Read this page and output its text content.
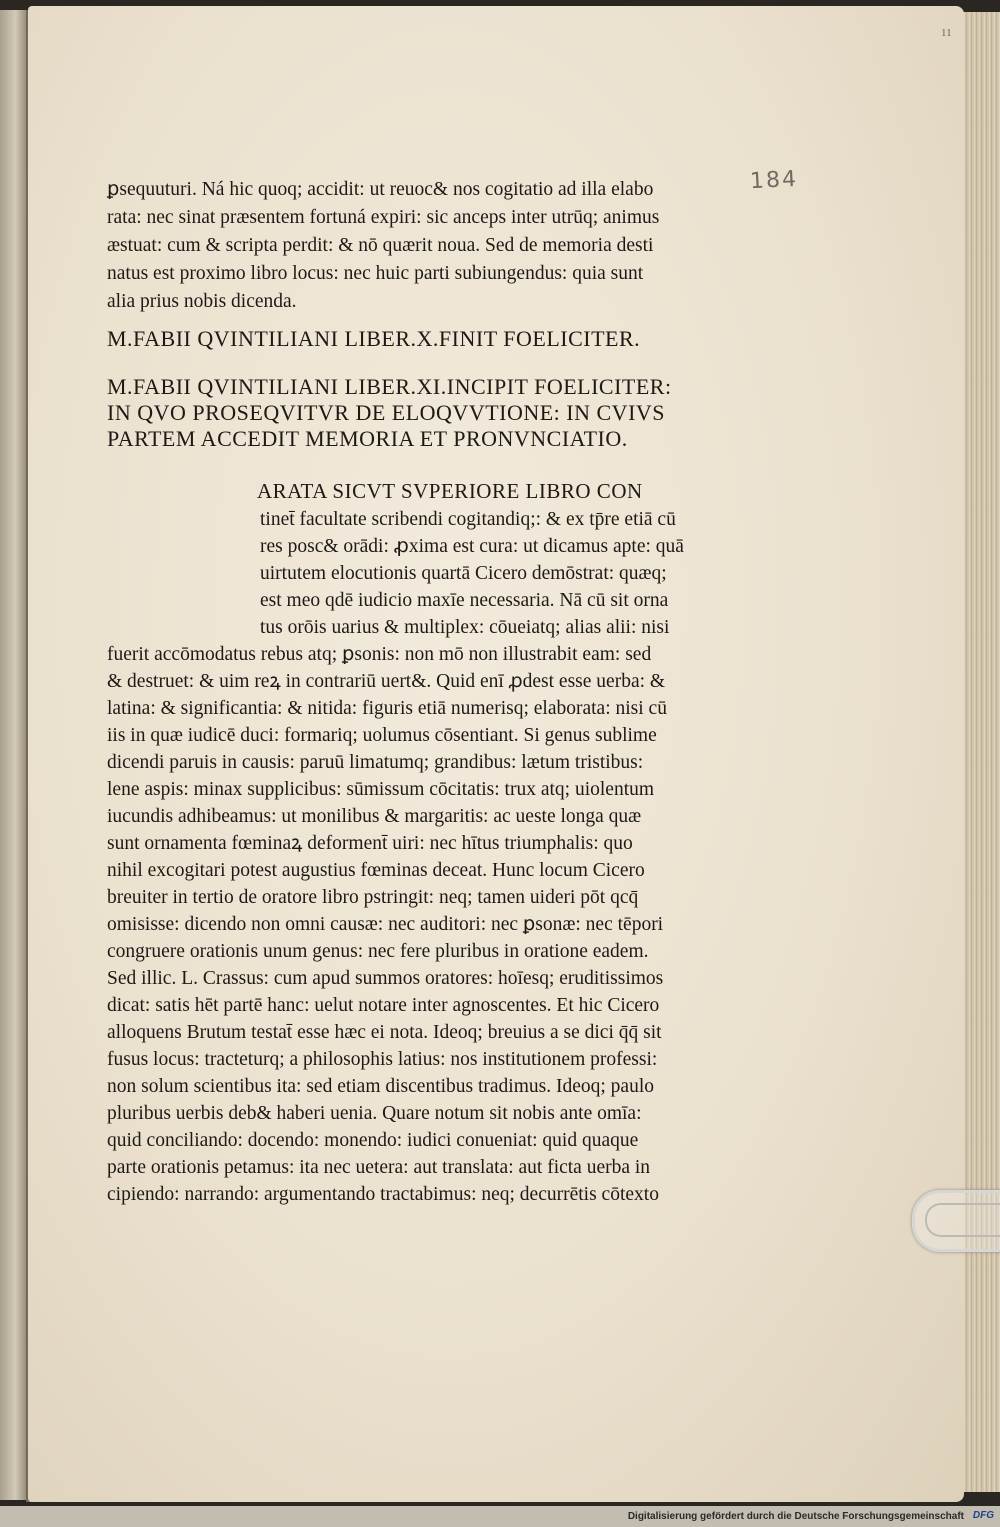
11
184
ꝑsequuturi. Ná hic quoq; accidit: ut reuoc& nos cogitatio ad illa elabo
rata: nec sinat præsentem fortuná expiri: sic anceps inter utrūq; animus
æstuat: cum & scripta perdit: & nō quærit noua. Sed de memoria desti
natus est proximo libro locus: nec huic parti subiungendus: quia sunt
alia prius nobis dicenda.
M.FABII QVINTILIANI LIBER.X.FINIT FOELICITER.
M.FABII QVINTILIANI LIBER.XI.INCIPIT FOELICITER:
IN QVO PROSEQVITVR DE ELOQVVTIONE: IN CVIVS
PARTEM ACCEDIT MEMORIA ET PRONVNCIATIO.
ARATA SICVT SVPERIORE LIBRO CON
tinet̄ facultate scribendi cogitandiq;: & ex tp̄re etiā cū
res posc& orādi: ꝓxima est cura: ut dicamus apte: quā
uirtutem elocutionis quartā Cicero demōstrat: quæq;
est meo qdē iudicio maxīe necessaria. Nā cū sit orna
tus orōis uarius & multiplex: cōueiatq; alias alii: nisi
fuerit accōmodatus rebus atq; ꝑsonis: non mō non illustrabit eam: sed
& destruet: & uim reꝝ in contrariū uert&. Quid enī ꝓdest esse uerba: &
latina: & significantia: & nitida: figuris etiā numerisq; elaborata: nisi cū
iis in quæ iudicē duci: formariq; uolumus cōsentiant. Si genus sublime
dicendi paruis in causis: paruū limatumq; grandibus: lætum tristibus:
lene aspis: minax supplicibus: sūmissum cōcitatis: trux atq; uiolentum
iucundis adhibeamus: ut monilibus & margaritis: ac ueste longa quæ
sunt ornamenta fœminaꝝ deforment̄ uiri: nec hītus triumphalis: quo
nihil excogitari potest augustius fœminas deceat. Hunc locum Cicero
breuiter in tertio de oratore libro pstringit: neq; tamen uideri pōt qcq̄
omisisse: dicendo non omni causæ: nec auditori: nec ꝑsonæ: nec tēpori
congruere orationis unum genus: nec fere pluribus in oratione eadem.
Sed illic. L. Crassus: cum apud summos oratores: hoīesq; eruditissimos
dicat: satis hēt partē hanc: uelut notare inter agnoscentes. Et hic Cicero
alloquens Brutum testat̄ esse hæc ei nota. Ideoq; breuius a se dici q̄q̄ sit
fusus locus: tracteturq; a philosophis latius: nos institutionem professi:
non solum scientibus ita: sed etiam discentibus tradimus. Ideoq; paulo
pluribus uerbis deb& haberi uenia. Quare notum sit nobis ante omīa:
quid conciliando: docendo: monendo: iudici conueniat: quid quaque
parte orationis petamus: ita nec uetera: aut translata: aut ficta uerba in
cipiendo: narrando: argumentando tractabimus: neq; decurrētis cōtexto
Digitalisierung gefördert durch die Deutsche Forschungsgemeinschaft DFG
